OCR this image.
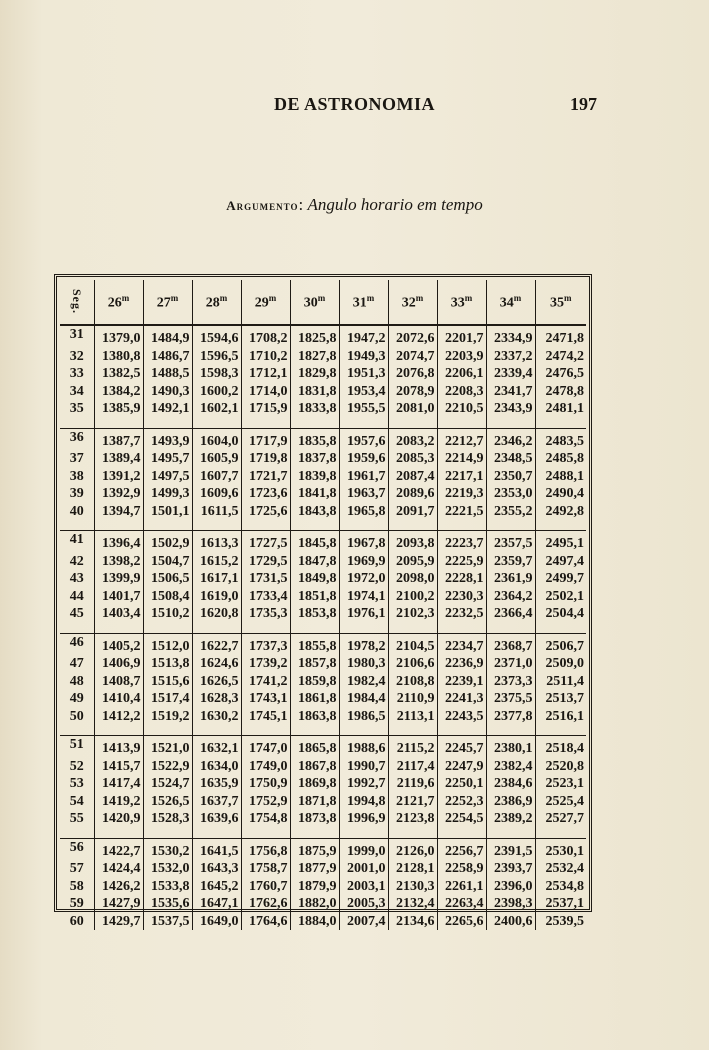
DE ASTRONOMIA	197
Argumento: Angulo horario em tempo
Seg.	26$^m$	27$^m$	28$^m$	29$^m$	30$^m$	31$^m$	32$^m$	33$^m$	34$^m$	35$^m$
31	1379,0	1484,9	1594,6	1708,2	1825,8	1947,2	2072,6	2201,7	2334,9	2471,8
32	1380,8	1486,7	1596,5	1710,2	1827,8	1949,3	2074,7	2203,9	2337,2	2474,2
33	1382,5	1488,5	1598,3	1712,1	1829,8	1951,3	2076,8	2206,1	2339,4	2476,5
34	1384,2	1490,3	1600,2	1714,0	1831,8	1953,4	2078,9	2208,3	2341,7	2478,8
35	1385,9	1492,1	1602,1	1715,9	1833,8	1955,5	2081,0	2210,5	2343,9	2481,1

36	1387,7	1493,9	1604,0	1717,9	1835,8	1957,6	2083,2	2212,7	2346,2	2483,5
37	1389,4	1495,7	1605,9	1719,8	1837,8	1959,6	2085,3	2214,9	2348,5	2485,8
38	1391,2	1497,5	1607,7	1721,7	1839,8	1961,7	2087,4	2217,1	2350,7	2488,1
39	1392,9	1499,3	1609,6	1723,6	1841,8	1963,7	2089,6	2219,3	2353,0	2490,4
40	1394,7	1501,1	1611,5	1725,6	1843,8	1965,8	2091,7	2221,5	2355,2	2492,8

41	1396,4	1502,9	1613,3	1727,5	1845,8	1967,8	2093,8	2223,7	2357,5	2495,1
42	1398,2	1504,7	1615,2	1729,5	1847,8	1969,9	2095,9	2225,9	2359,7	2497,4
43	1399,9	1506,5	1617,1	1731,5	1849,8	1972,0	2098,0	2228,1	2361,9	2499,7
44	1401,7	1508,4	1619,0	1733,4	1851,8	1974,1	2100,2	2230,3	2364,2	2502,1
45	1403,4	1510,2	1620,8	1735,3	1853,8	1976,1	2102,3	2232,5	2366,4	2504,4

46	1405,2	1512,0	1622,7	1737,3	1855,8	1978,2	2104,5	2234,7	2368,7	2506,7
47	1406,9	1513,8	1624,6	1739,2	1857,8	1980,3	2106,6	2236,9	2371,0	2509,0
48	1408,7	1515,6	1626,5	1741,2	1859,8	1982,4	2108,8	2239,1	2373,3	2511,4
49	1410,4	1517,4	1628,3	1743,1	1861,8	1984,4	2110,9	2241,3	2375,5	2513,7
50	1412,2	1519,2	1630,2	1745,1	1863,8	1986,5	2113,1	2243,5	2377,8	2516,1

51	1413,9	1521,0	1632,1	1747,0	1865,8	1988,6	2115,2	2245,7	2380,1	2518,4
52	1415,7	1522,9	1634,0	1749,0	1867,8	1990,7	2117,4	2247,9	2382,4	2520,8
53	1417,4	1524,7	1635,9	1750,9	1869,8	1992,7	2119,6	2250,1	2384,6	2523,1
54	1419,2	1526,5	1637,7	1752,9	1871,8	1994,8	2121,7	2252,3	2386,9	2525,4
55	1420,9	1528,3	1639,6	1754,8	1873,8	1996,9	2123,8	2254,5	2389,2	2527,7

56	1422,7	1530,2	1641,5	1756,8	1875,9	1999,0	2126,0	2256,7	2391,5	2530,1
57	1424,4	1532,0	1643,3	1758,7	1877,9	2001,0	2128,1	2258,9	2393,7	2532,4
58	1426,2	1533,8	1645,2	1760,7	1879,9	2003,1	2130,3	2261,1	2396,0	2534,8
59	1427,9	1535,6	1647,1	1762,6	1882,0	2005,3	2132,4	2263,4	2398,3	2537,1
60	1429,7	1537,5	1649,0	1764,6	1884,0	2007,4	2134,6	2265,6	2400,6	2539,5
